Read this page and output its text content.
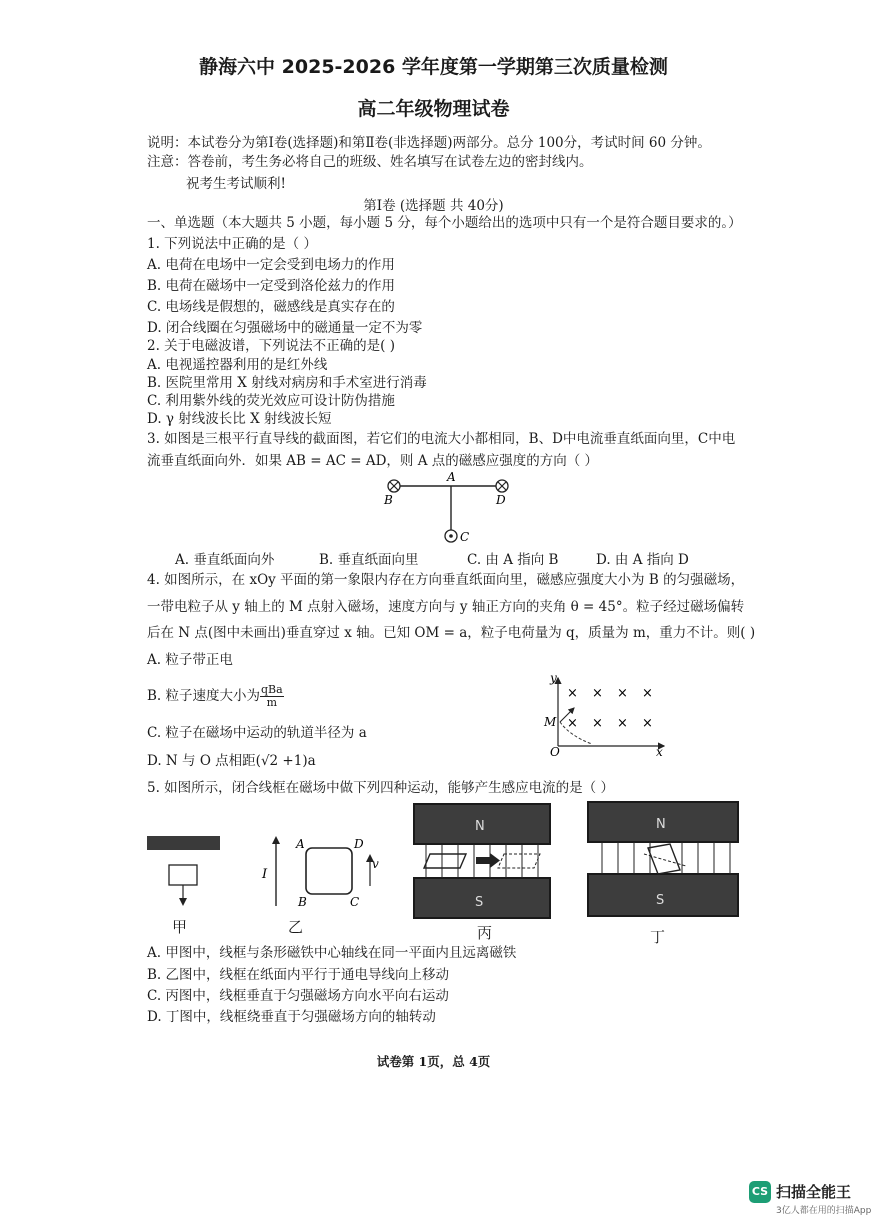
静海六中 2025-2026 学年度第一学期第三次质量检测
高二年级物理试卷
说明：本试卷分为第Ⅰ卷(选择题)和第Ⅱ卷(非选择题)两部分。总分 100分，考试时间 60 分钟。
注意：答卷前，考生务必将自己的班级、姓名填写在试卷左边的密封线内。
祝考生考试顺利!
第Ⅰ卷 (选择题 共 40分)
一、单选题（本大题共 5 小题，每小题 5 分，每个小题给出的选项中只有一个是符合题目要求的。）
1. 下列说法中正确的是（ ）
A. 电荷在电场中一定会受到电场力的作用
B. 电荷在磁场中一定受到洛伦兹力的作用
C. 电场线是假想的，磁感线是真实存在的
D. 闭合线圈在匀强磁场中的磁通量一定不为零
2. 关于电磁波谱，下列说法不正确的是( )
A. 电视遥控器利用的是红外线
B. 医院里常用 X 射线对病房和手术室进行消毒
C. 利用紫外线的荧光效应可设计防伪措施
D. γ 射线波长比 X 射线波长短
3. 如图是三根平行直导线的截面图，若它们的电流大小都相同，B、D中电流垂直纸面向里，C中电
流垂直纸面向外．如果 AB = AC = AD，则 A 点的磁感应强度的方向（ ）
A
B	D
C
A. 垂直纸面向外	B. 垂直纸面向里	C. 由 A 指向 B	D. 由 A 指向 D
4. 如图所示，在 xOy 平面的第一象限内存在方向垂直纸面向里，磁感应强度大小为 B 的匀强磁场，
一带电粒子从 y 轴上的 M 点射入磁场，速度方向与 y 轴正方向的夹角 θ = 45°。粒子经过磁场偏转
后在 N 点(图中未画出)垂直穿过 x 轴。已知 OM = a，粒子电荷量为 q，质量为 m，重力不计。则( )
A. 粒子带正电
B. 粒子速度大小为 $\frac{\text{qBa}}{m}$
C. 粒子在磁场中运动的轨道半径为 a
D. N 与 O 点相距(√2 +1)a
y
x
O
M
× × × ×
× × × ×
5. 如图所示，闭合线框在磁场中做下列四种运动，能够产生感应电流的是（ ）
甲
I
v
A	D
B	C
乙
N
S
丙
N
S
丁
A. 甲图中，线框与条形磁铁中心轴线在同一平面内且远离磁铁
B. 乙图中，线框在纸面内平行于通电导线向上移动
C. 丙图中，线框垂直于匀强磁场方向水平向右运动
D. 丁图中，线框绕垂直于匀强磁场方向的轴转动
试卷第 1页，总 4页
CS 扫描全能王
3亿人都在用的扫描App
